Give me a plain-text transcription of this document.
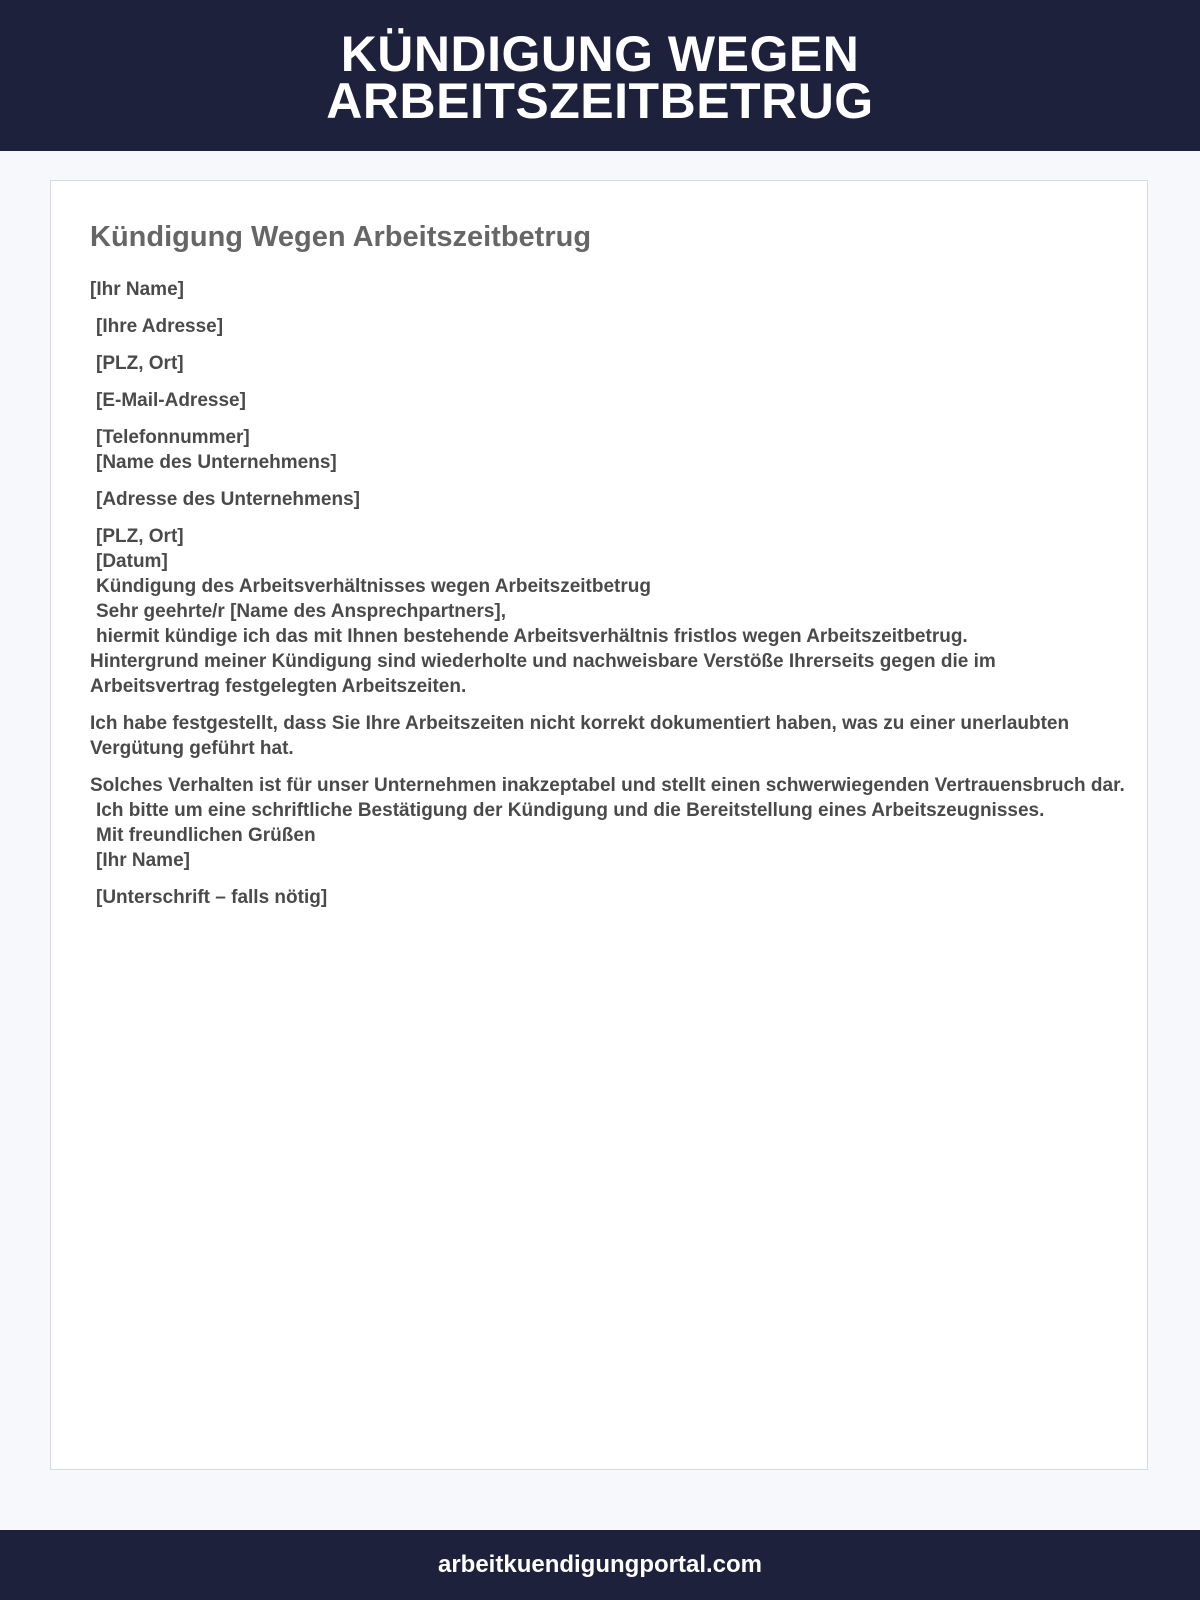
KÜNDIGUNG WEGEN
ARBEITSZEITBETRUG
Kündigung Wegen Arbeitszeitbetrug

[Ihr Name]

[Ihre Adresse]

[PLZ, Ort]

[E-Mail-Adresse]

[Telefonnummer]

[Name des Unternehmens]

[Adresse des Unternehmens]

[PLZ, Ort]

[Datum]

Kündigung des Arbeitsverhältnisses wegen Arbeitszeitbetrug

Sehr geehrte/r [Name des Ansprechpartners],

hiermit kündige ich das mit Ihnen bestehende Arbeitsverhältnis fristlos wegen Arbeitszeitbetrug.

Hintergrund meiner Kündigung sind wiederholte und nachweisbare Verstöße Ihrerseits gegen die im Arbeitsvertrag festgelegten Arbeitszeiten.

Ich habe festgestellt, dass Sie Ihre Arbeitszeiten nicht korrekt dokumentiert haben, was zu einer unerlaubten Vergütung geführt hat.

Solches Verhalten ist für unser Unternehmen inakzeptabel und stellt einen schwerwiegenden Vertrauensbruch dar.

Ich bitte um eine schriftliche Bestätigung der Kündigung und die Bereitstellung eines Arbeitszeugnisses.

Mit freundlichen Grüßen

[Ihr Name]

[Unterschrift – falls nötig]

arbeitkuendigungportal.com
